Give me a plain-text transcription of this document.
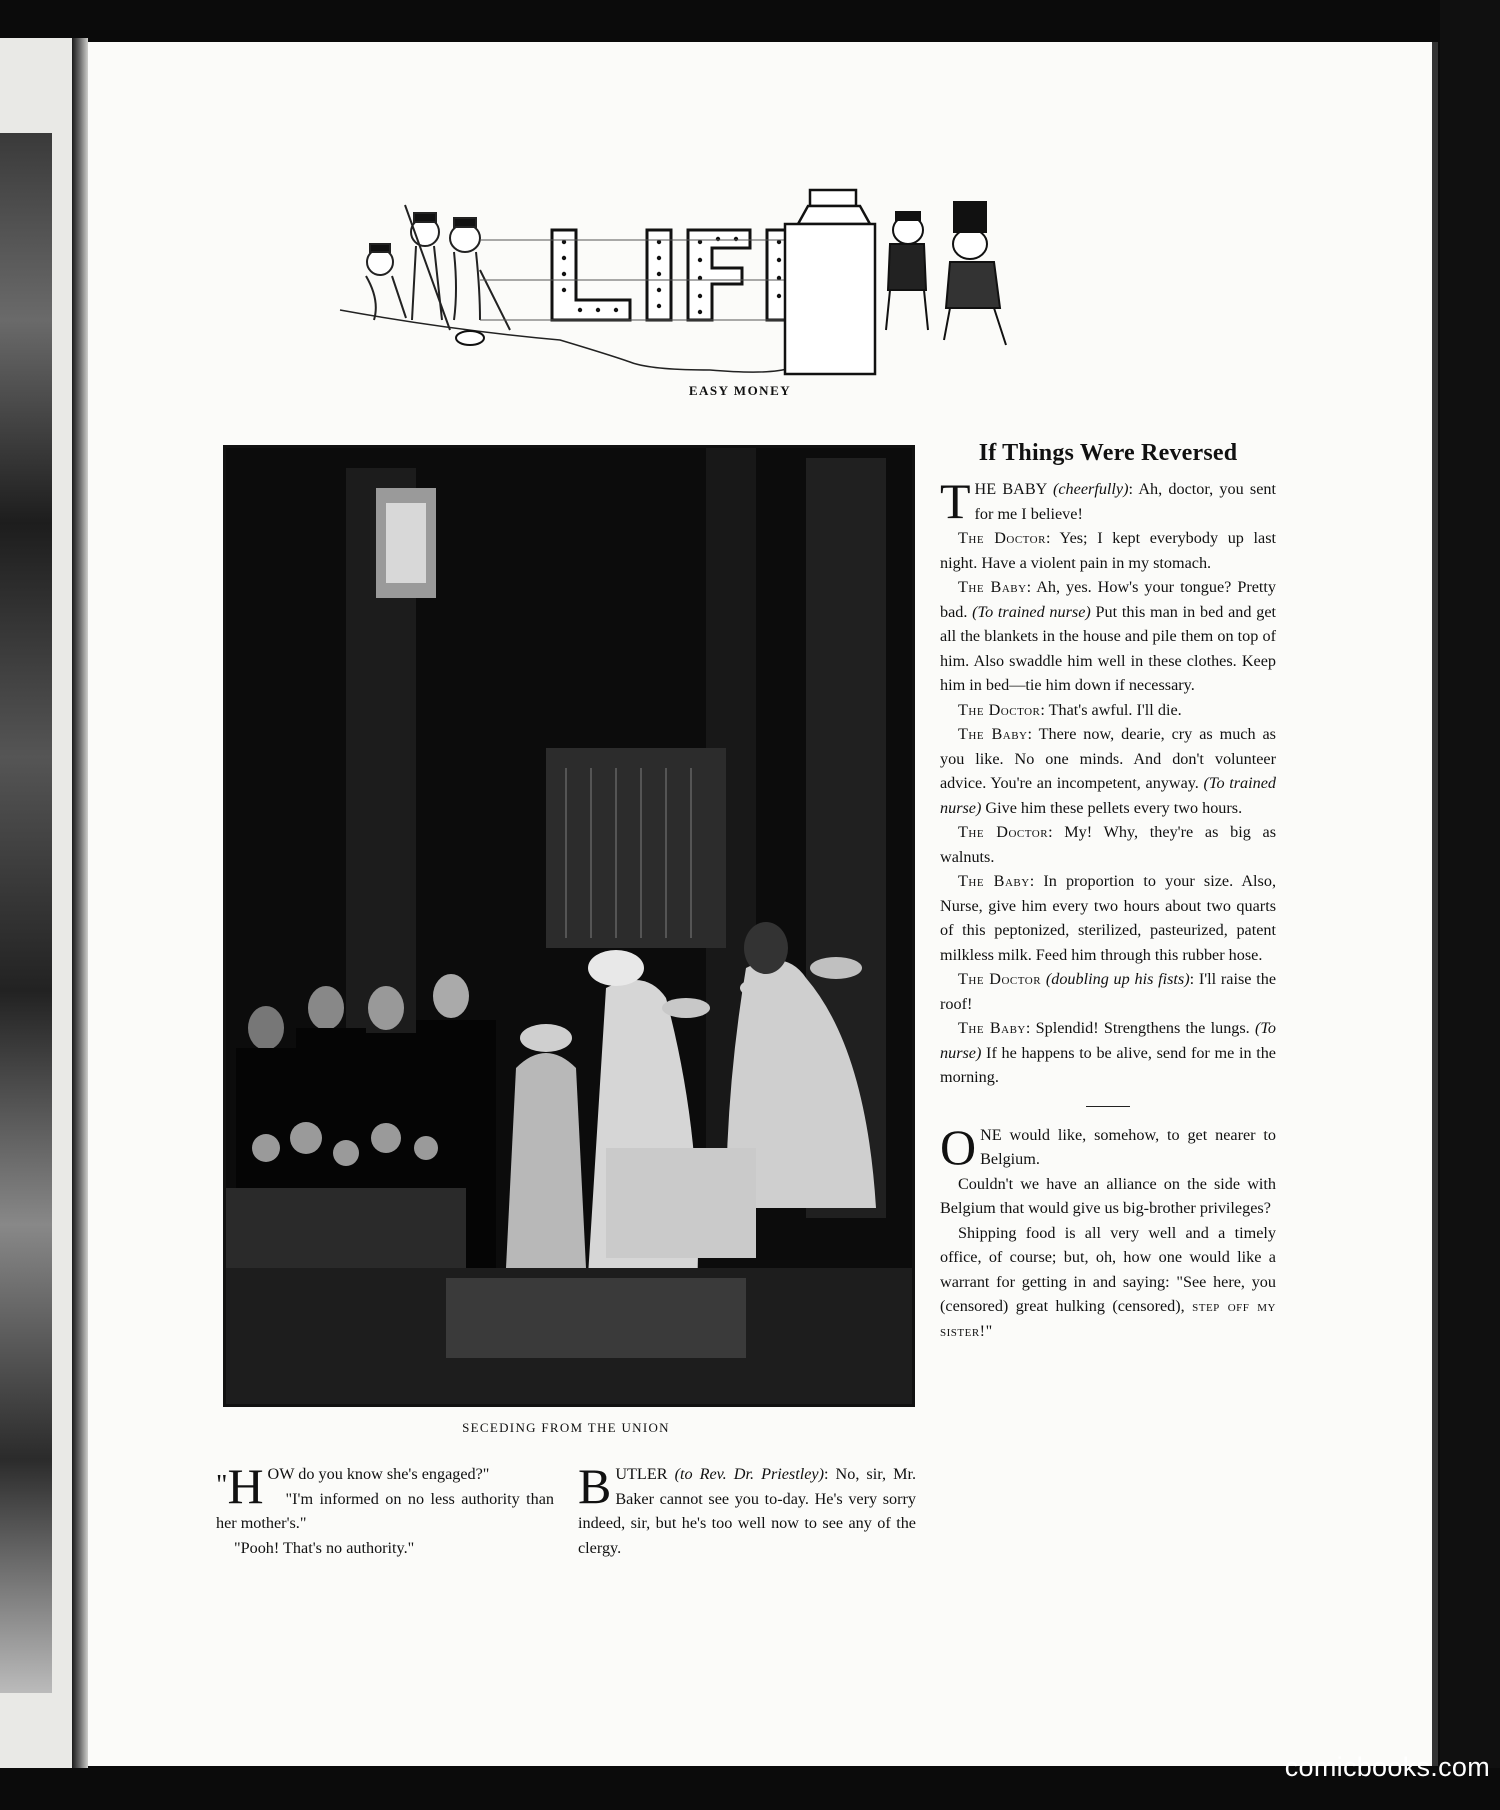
EASY MONEY
SECEDING FROM THE UNION
If Things Were Reversed

THE BABY (cheerfully): Ah, doctor, you sent for me I believe!

The Doctor: Yes; I kept everybody up last night. Have a violent pain in my stomach.

The Baby: Ah, yes. How's your tongue? Pretty bad. (To trained nurse) Put this man in bed and get all the blankets in the house and pile them on top of him. Also swaddle him well in these clothes. Keep him in bed—tie him down if necessary.

The Doctor: That's awful. I'll die.

The Baby: There now, dearie, cry as much as you like. No one minds. And don't volunteer advice. You're an incompetent, anyway. (To trained nurse) Give him these pellets every two hours.

The Doctor: My! Why, they're as big as walnuts.

The Baby: In proportion to your size. Also, Nurse, give him every two hours about two quarts of this peptonized, sterilized, pasteurized, patent milkless milk. Feed him through this rubber hose.

The Doctor (doubling up his fists): I'll raise the roof!

The Baby: Splendid! Strengthens the lungs. (To nurse) If he happens to be alive, send for me in the morning.

ONE would like, somehow, to get nearer to Belgium.

Couldn't we have an alliance on the side with Belgium that would give us big-brother privileges?

Shipping food is all very well and a timely office, of course; but, oh, how one would like a warrant for getting in and saying: "See here, you (censored) great hulking (censored), step off my sister!"

"H OW do you know she's engaged?"

"I'm informed on no less authority than her mother's."

"Pooh! That's no authority."

BUTLER (to Rev. Dr. Priestley): No, sir, Mr. Baker cannot see you to-day. He's very sorry indeed, sir, but he's too well now to see any of the clergy.

comicbooks.com
